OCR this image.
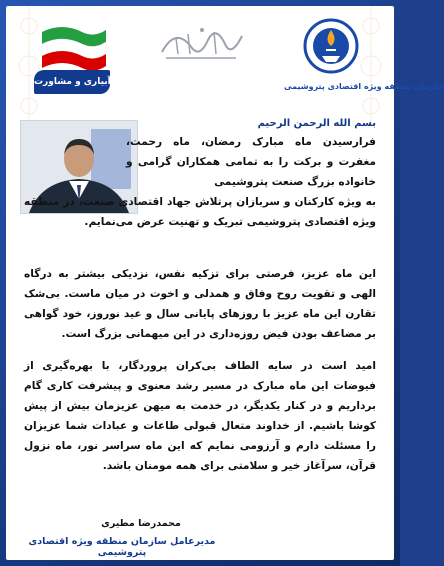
حسینی آبیاری و مشاورت	سازمان منطقه ویژه اقتصادی پتروشیمی
بسم الله الرحمن الرحیم
فرارسیدن ماه مبارک رمضان، ماه رحمت، مغفرت و برکت را به تمامی همکاران گرامی و خانواده بزرگ صنعت پتروشیمی
به ویژه کارکنان و سربازان پرتلاش جهاد اقتصادی صنعت، در منطقه ویژه اقتصادی پتروشیمی تبریک و تهنیت عرض می‌نمایم.
این ماه عزیز، فرصتی برای تزکیه نفس، نزدیکی بیشتر به درگاه الهی و تقویت روح وفاق و همدلی و اخوت در میان ماست. بی‌شک تقارن این ماه عزیز با روزهای پایانی سال و عید نوروز، خود گواهی بر مضاعف بودن فیض روزه‌داری در این میهمانی بزرگ است.
امید است در سایه الطاف بی‌کران پروردگار، با بهره‌گیری از فیوضات این ماه مبارک در مسیر رشد معنوی و پیشرفت کاری گام برداریم و در کنار یکدیگر، در خدمت به میهن عزیزمان بیش از پیش کوشا باشیم. از خداوند متعال قبولی طاعات و عبادات شما عزیزان را مسئلت دارم و آرزومی نمایم که این ماه سراسر نور، ماه نزول قرآن، سرآغاز خیر و سلامتی برای همه مومنان باشد.
محمدرضا مطیری
مدیرعامل سازمان منطقه ویژه اقتصادی پتروشیمی
